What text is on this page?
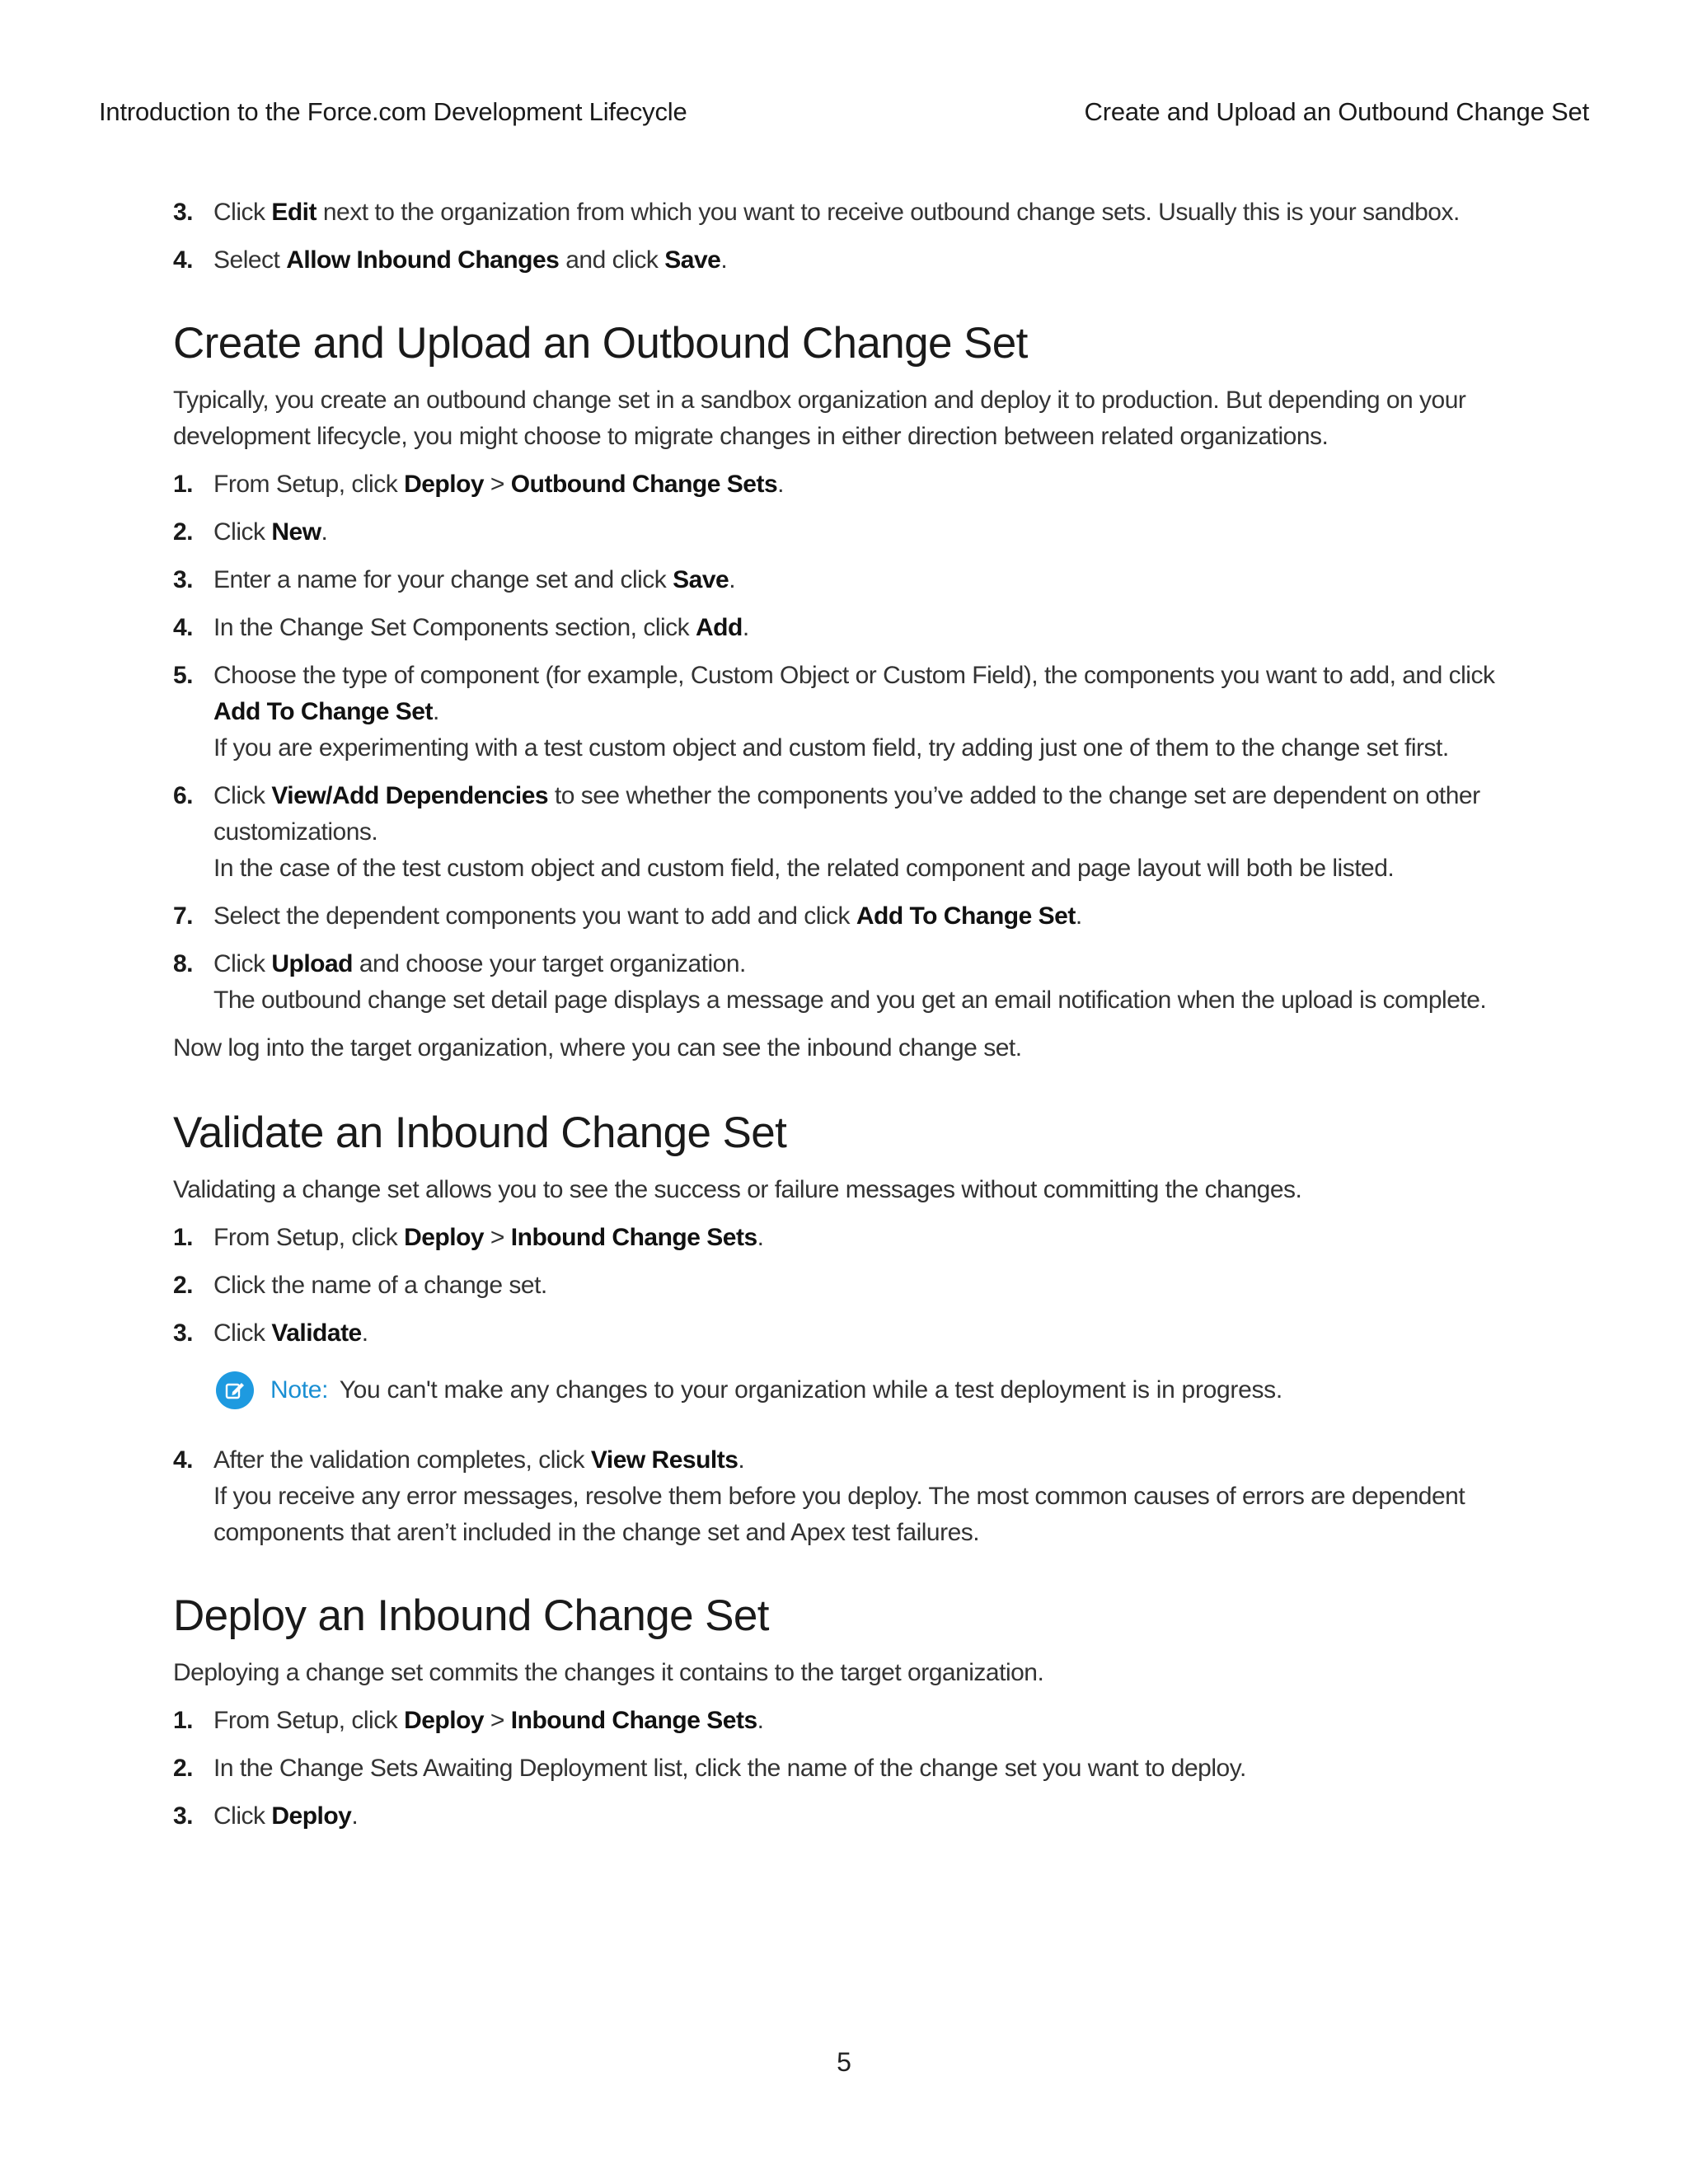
Introduction to the Force.com Development Lifecycle	Create and Upload an Outbound Change Set
3. Click Edit next to the organization from which you want to receive outbound change sets. Usually this is your sandbox.
4. Select Allow Inbound Changes and click Save.
Create and Upload an Outbound Change Set

Typically, you create an outbound change set in a sandbox organization and deploy it to production. But depending on your development lifecycle, you might choose to migrate changes in either direction between related organizations.

1. From Setup, click Deploy > Outbound Change Sets.
2. Click New.
3. Enter a name for your change set and click Save.
4. In the Change Set Components section, click Add.
5. Choose the type of component (for example, Custom Object or Custom Field), the components you want to add, and click Add To Change Set.
If you are experimenting with a test custom object and custom field, try adding just one of them to the change set first.
6. Click View/Add Dependencies to see whether the components you’ve added to the change set are dependent on other customizations.
In the case of the test custom object and custom field, the related component and page layout will both be listed.
7. Select the dependent components you want to add and click Add To Change Set.
8. Click Upload and choose your target organization.
The outbound change set detail page displays a message and you get an email notification when the upload is complete.

Now log into the target organization, where you can see the inbound change set.

Validate an Inbound Change Set

Validating a change set allows you to see the success or failure messages without committing the changes.

1. From Setup, click Deploy > Inbound Change Sets.
2. Click the name of a change set.
3. Click Validate.
Note: You can't make any changes to your organization while a test deployment is in progress.
4. After the validation completes, click View Results.
If you receive any error messages, resolve them before you deploy. The most common causes of errors are dependent components that aren’t included in the change set and Apex test failures.
Deploy an Inbound Change Set

Deploying a change set commits the changes it contains to the target organization.

1. From Setup, click Deploy > Inbound Change Sets.
2. In the Change Sets Awaiting Deployment list, click the name of the change set you want to deploy.
3. Click Deploy.
5
